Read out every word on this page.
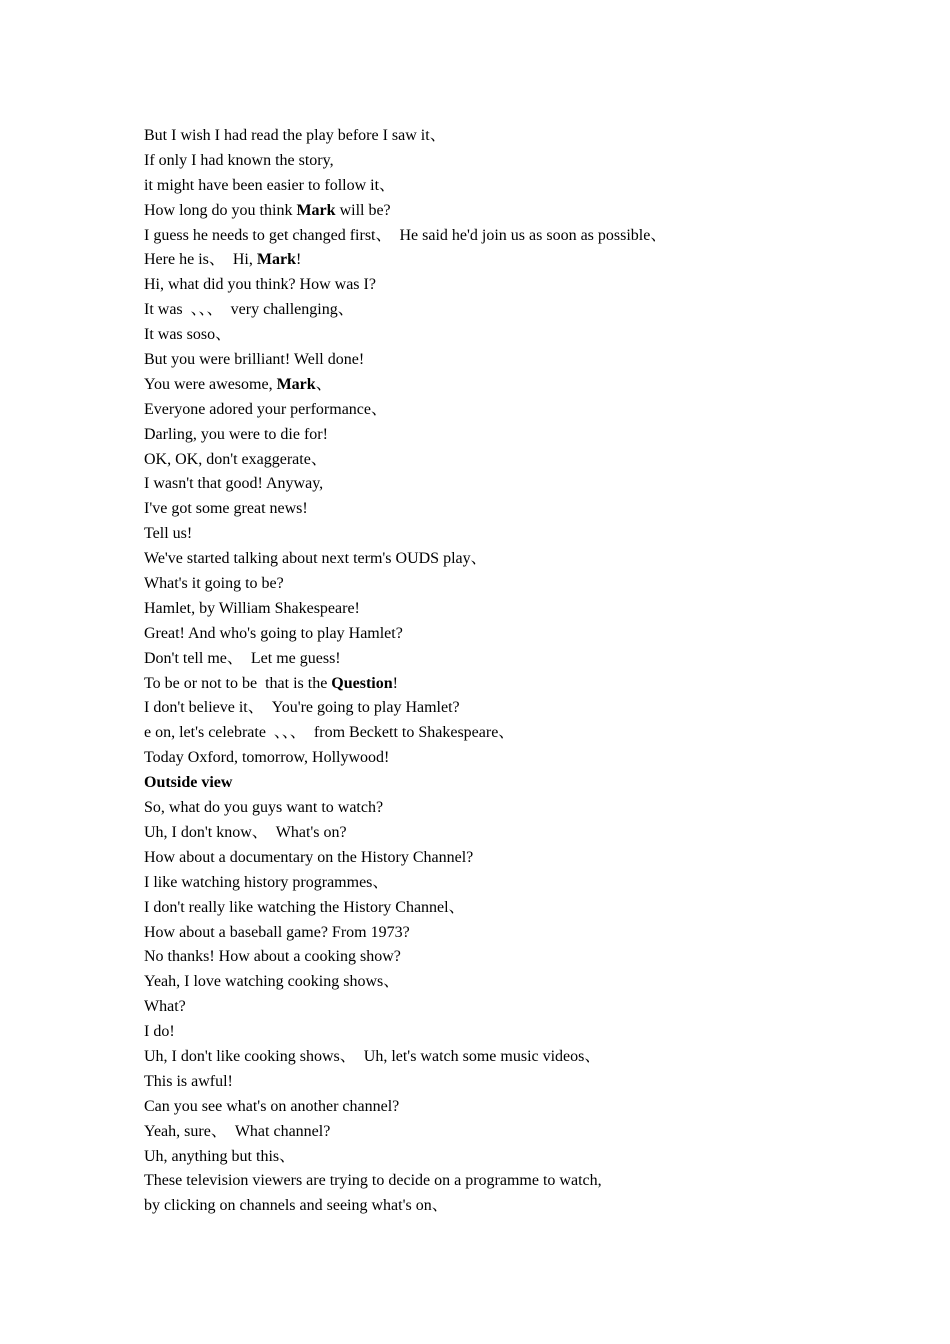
But I wish I had read the play before I saw it、
If only I had known the story,
it might have been easier to follow it、
How long do you think Mark will be?
I guess he needs to get changed first、  He said he'd join us as soon as possible、
Here he is、  Hi, Mark!
Hi, what did you think? How was I?
It was  、、、  very challenging、
It was soso、
But you were brilliant! Well done!
You were awesome, Mark、
Everyone adored your performance、
Darling, you were to die for!
OK, OK, don't exaggerate、
I wasn't that good! Anyway,
I've got some great news!
Tell us!
We've started talking about next term's OUDS play、
What's it going to be?
Hamlet, by William Shakespeare!
Great! And who's going to play Hamlet?
Don't tell me、  Let me guess!
To be or not to be  that is the Question!
I don't believe it、  You're going to play Hamlet?
e on, let's celebrate  、、、  from Beckett to Shakespeare、
Today Oxford, tomorrow, Hollywood!
Outside view
So, what do you guys want to watch?
Uh, I don't know、  What's on?
How about a documentary on the History Channel?
I like watching history programmes、
I don't really like watching the History Channel、
How about a baseball game? From 1973?
No thanks! How about a cooking show?
Yeah, I love watching cooking shows、
What?
I do!
Uh, I don't like cooking shows、  Uh, let's watch some music videos、
This is awful!
Can you see what's on another channel?
Yeah, sure、  What channel?
Uh, anything but this、
These television viewers are trying to decide on a programme to watch,
by clicking on channels and seeing what's on、
